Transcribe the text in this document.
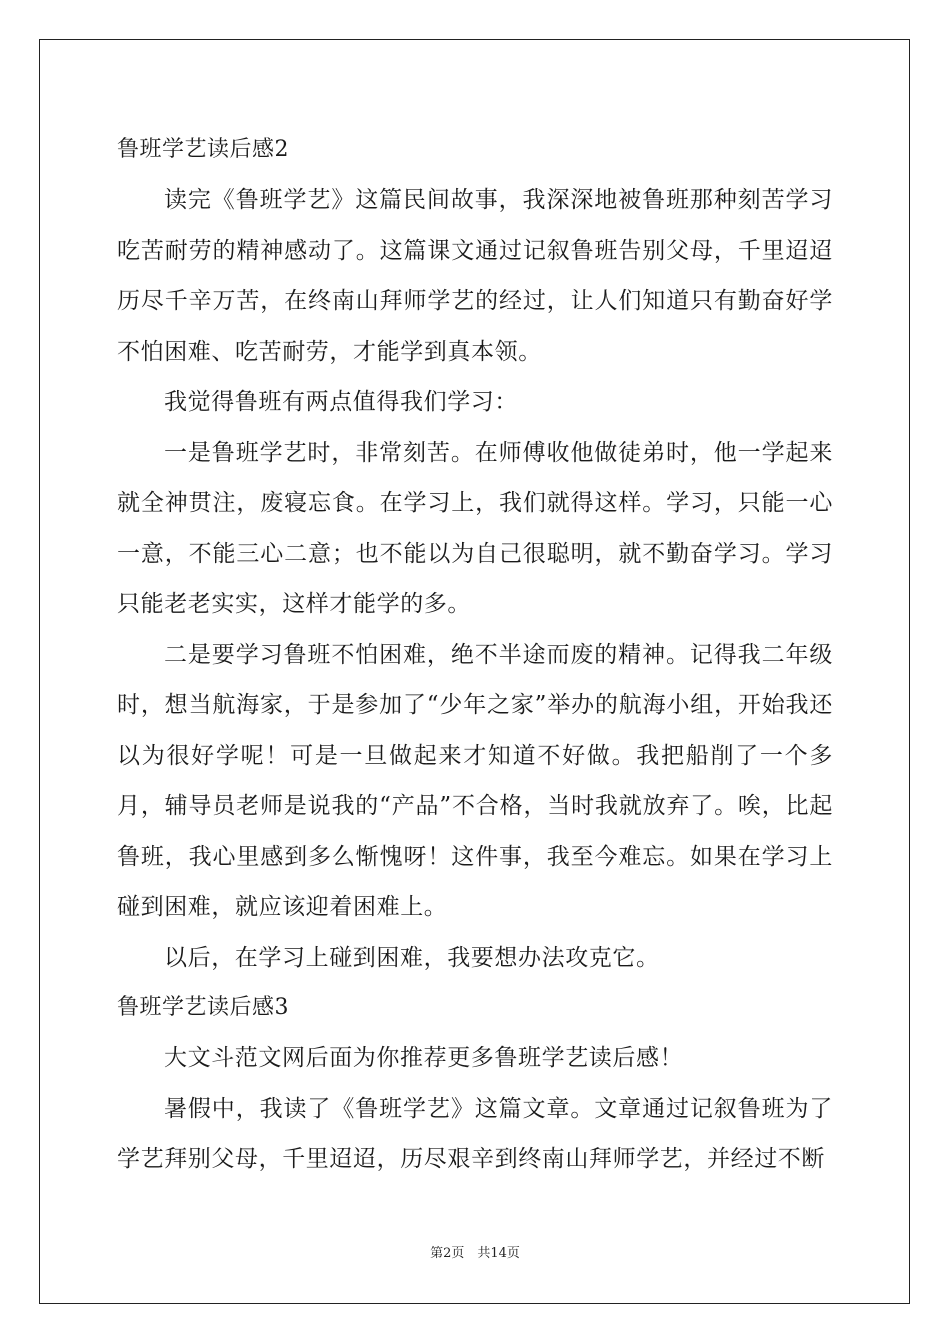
鲁班学艺读后感2

读完《鲁班学艺》这篇民间故事，我深深地被鲁班那种刻苦学习吃苦耐劳的精神感动了。这篇课文通过记叙鲁班告别父母，千里迢迢历尽千辛万苦，在终南山拜师学艺的经过，让人们知道只有勤奋好学不怕困难、吃苦耐劳，才能学到真本领。

我觉得鲁班有两点值得我们学习：

一是鲁班学艺时，非常刻苦。在师傅收他做徒弟时，他一学起来就全神贯注，废寝忘食。在学习上，我们就得这样。学习，只能一心一意，不能三心二意；也不能以为自己很聪明，就不勤奋学习。学习只能老老实实，这样才能学的多。

二是要学习鲁班不怕困难，绝不半途而废的精神。记得我二年级时，想当航海家，于是参加了“少年之家”举办的航海小组，开始我还以为很好学呢！可是一旦做起来才知道不好做。我把船削了一个多月，辅导员老师是说我的“产品”不合格，当时我就放弃了。唉，比起鲁班，我心里感到多么惭愧呀！这件事，我至今难忘。如果在学习上碰到困难，就应该迎着困难上。

以后，在学习上碰到困难，我要想办法攻克它。

鲁班学艺读后感3

大文斗范文网后面为你推荐更多鲁班学艺读后感！

暑假中，我读了《鲁班学艺》这篇文章。文章通过记叙鲁班为了学艺拜别父母，千里迢迢，历尽艰辛到终南山拜师学艺，并经过不断

第2页　共14页
